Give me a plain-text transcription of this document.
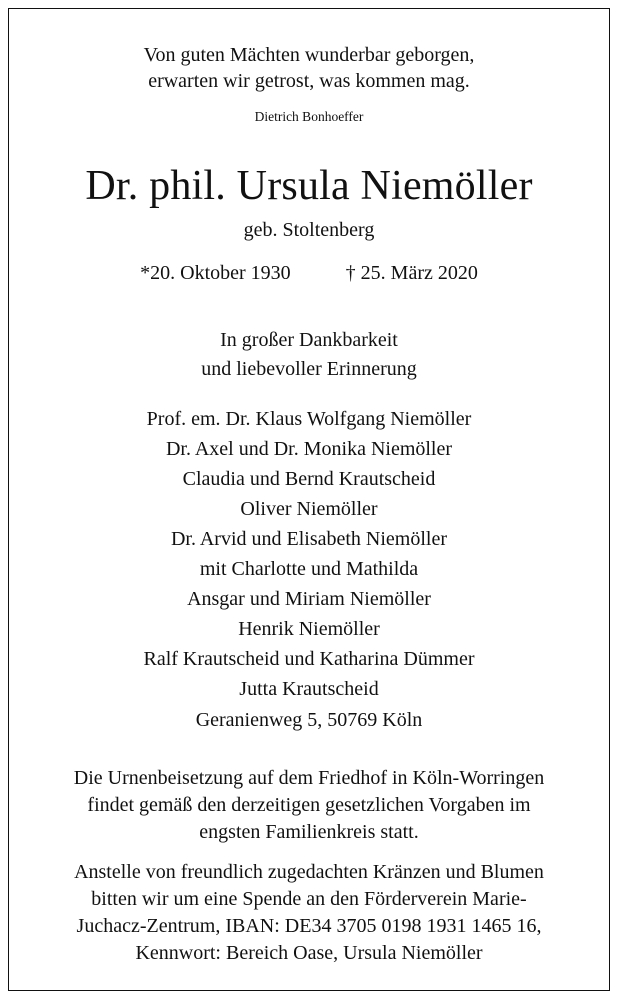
Von guten Mächten wunderbar geborgen,
erwarten wir getrost, was kommen mag.
Dietrich Bonhoeffer
Dr. phil. Ursula Niemöller
geb. Stoltenberg
*20. Oktober 1930	† 25. März 2020
In großer Dankbarkeit
und liebevoller Erinnerung
Prof. em. Dr. Klaus Wolfgang Niemöller
Dr. Axel und Dr. Monika Niemöller
Claudia und Bernd Krautscheid
Oliver Niemöller
Dr. Arvid und Elisabeth Niemöller
mit Charlotte und Mathilda
Ansgar und Miriam Niemöller
Henrik Niemöller
Ralf Krautscheid und Katharina Dümmer
Jutta Krautscheid
Geranienweg 5, 50769 Köln
Die Urnenbeisetzung auf dem Friedhof in Köln-Worringen
findet gemäß den derzeitigen gesetzlichen Vorgaben im
engsten Familienkreis statt.
Anstelle von freundlich zugedachten Kränzen und Blumen
bitten wir um eine Spende an den Förderverein Marie-
Juchacz-Zentrum, IBAN: DE34 3705 0198 1931 1465 16,
Kennwort: Bereich Oase, Ursula Niemöller
